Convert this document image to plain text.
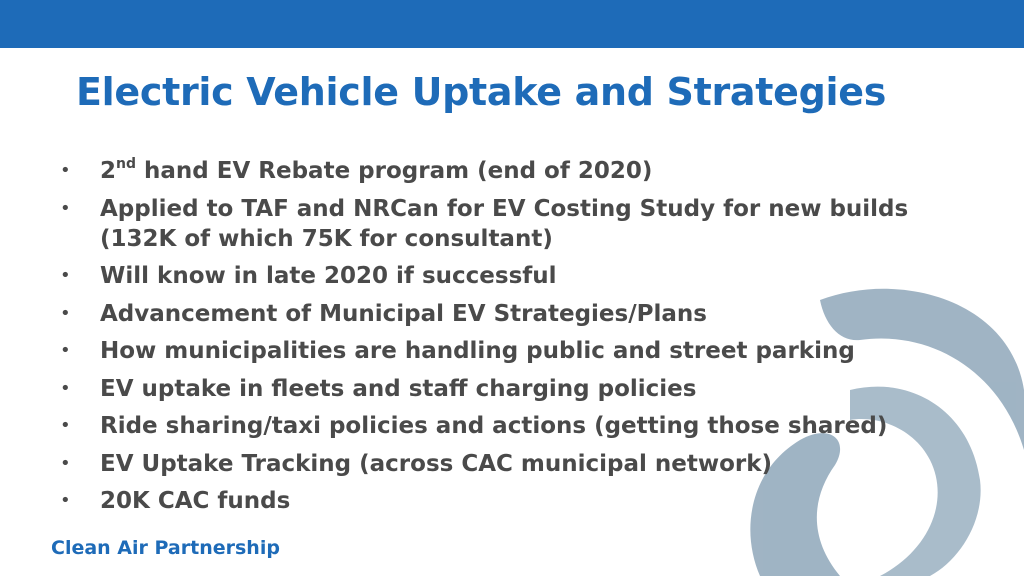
Electric Vehicle Uptake and Strategies
• 2nd hand EV Rebate program (end of 2020)
• Applied to TAF and NRCan for EV Costing Study for new builds (132K of which 75K for consultant)
• Will know in late 2020 if successful
• Advancement of Municipal EV Strategies/Plans
• How municipalities are handling public and street parking
• EV uptake in fleets and staff charging policies
• Ride sharing/taxi policies and actions (getting those shared)
• EV Uptake Tracking (across CAC municipal network)
• 20K CAC funds
Clean Air Partnership
